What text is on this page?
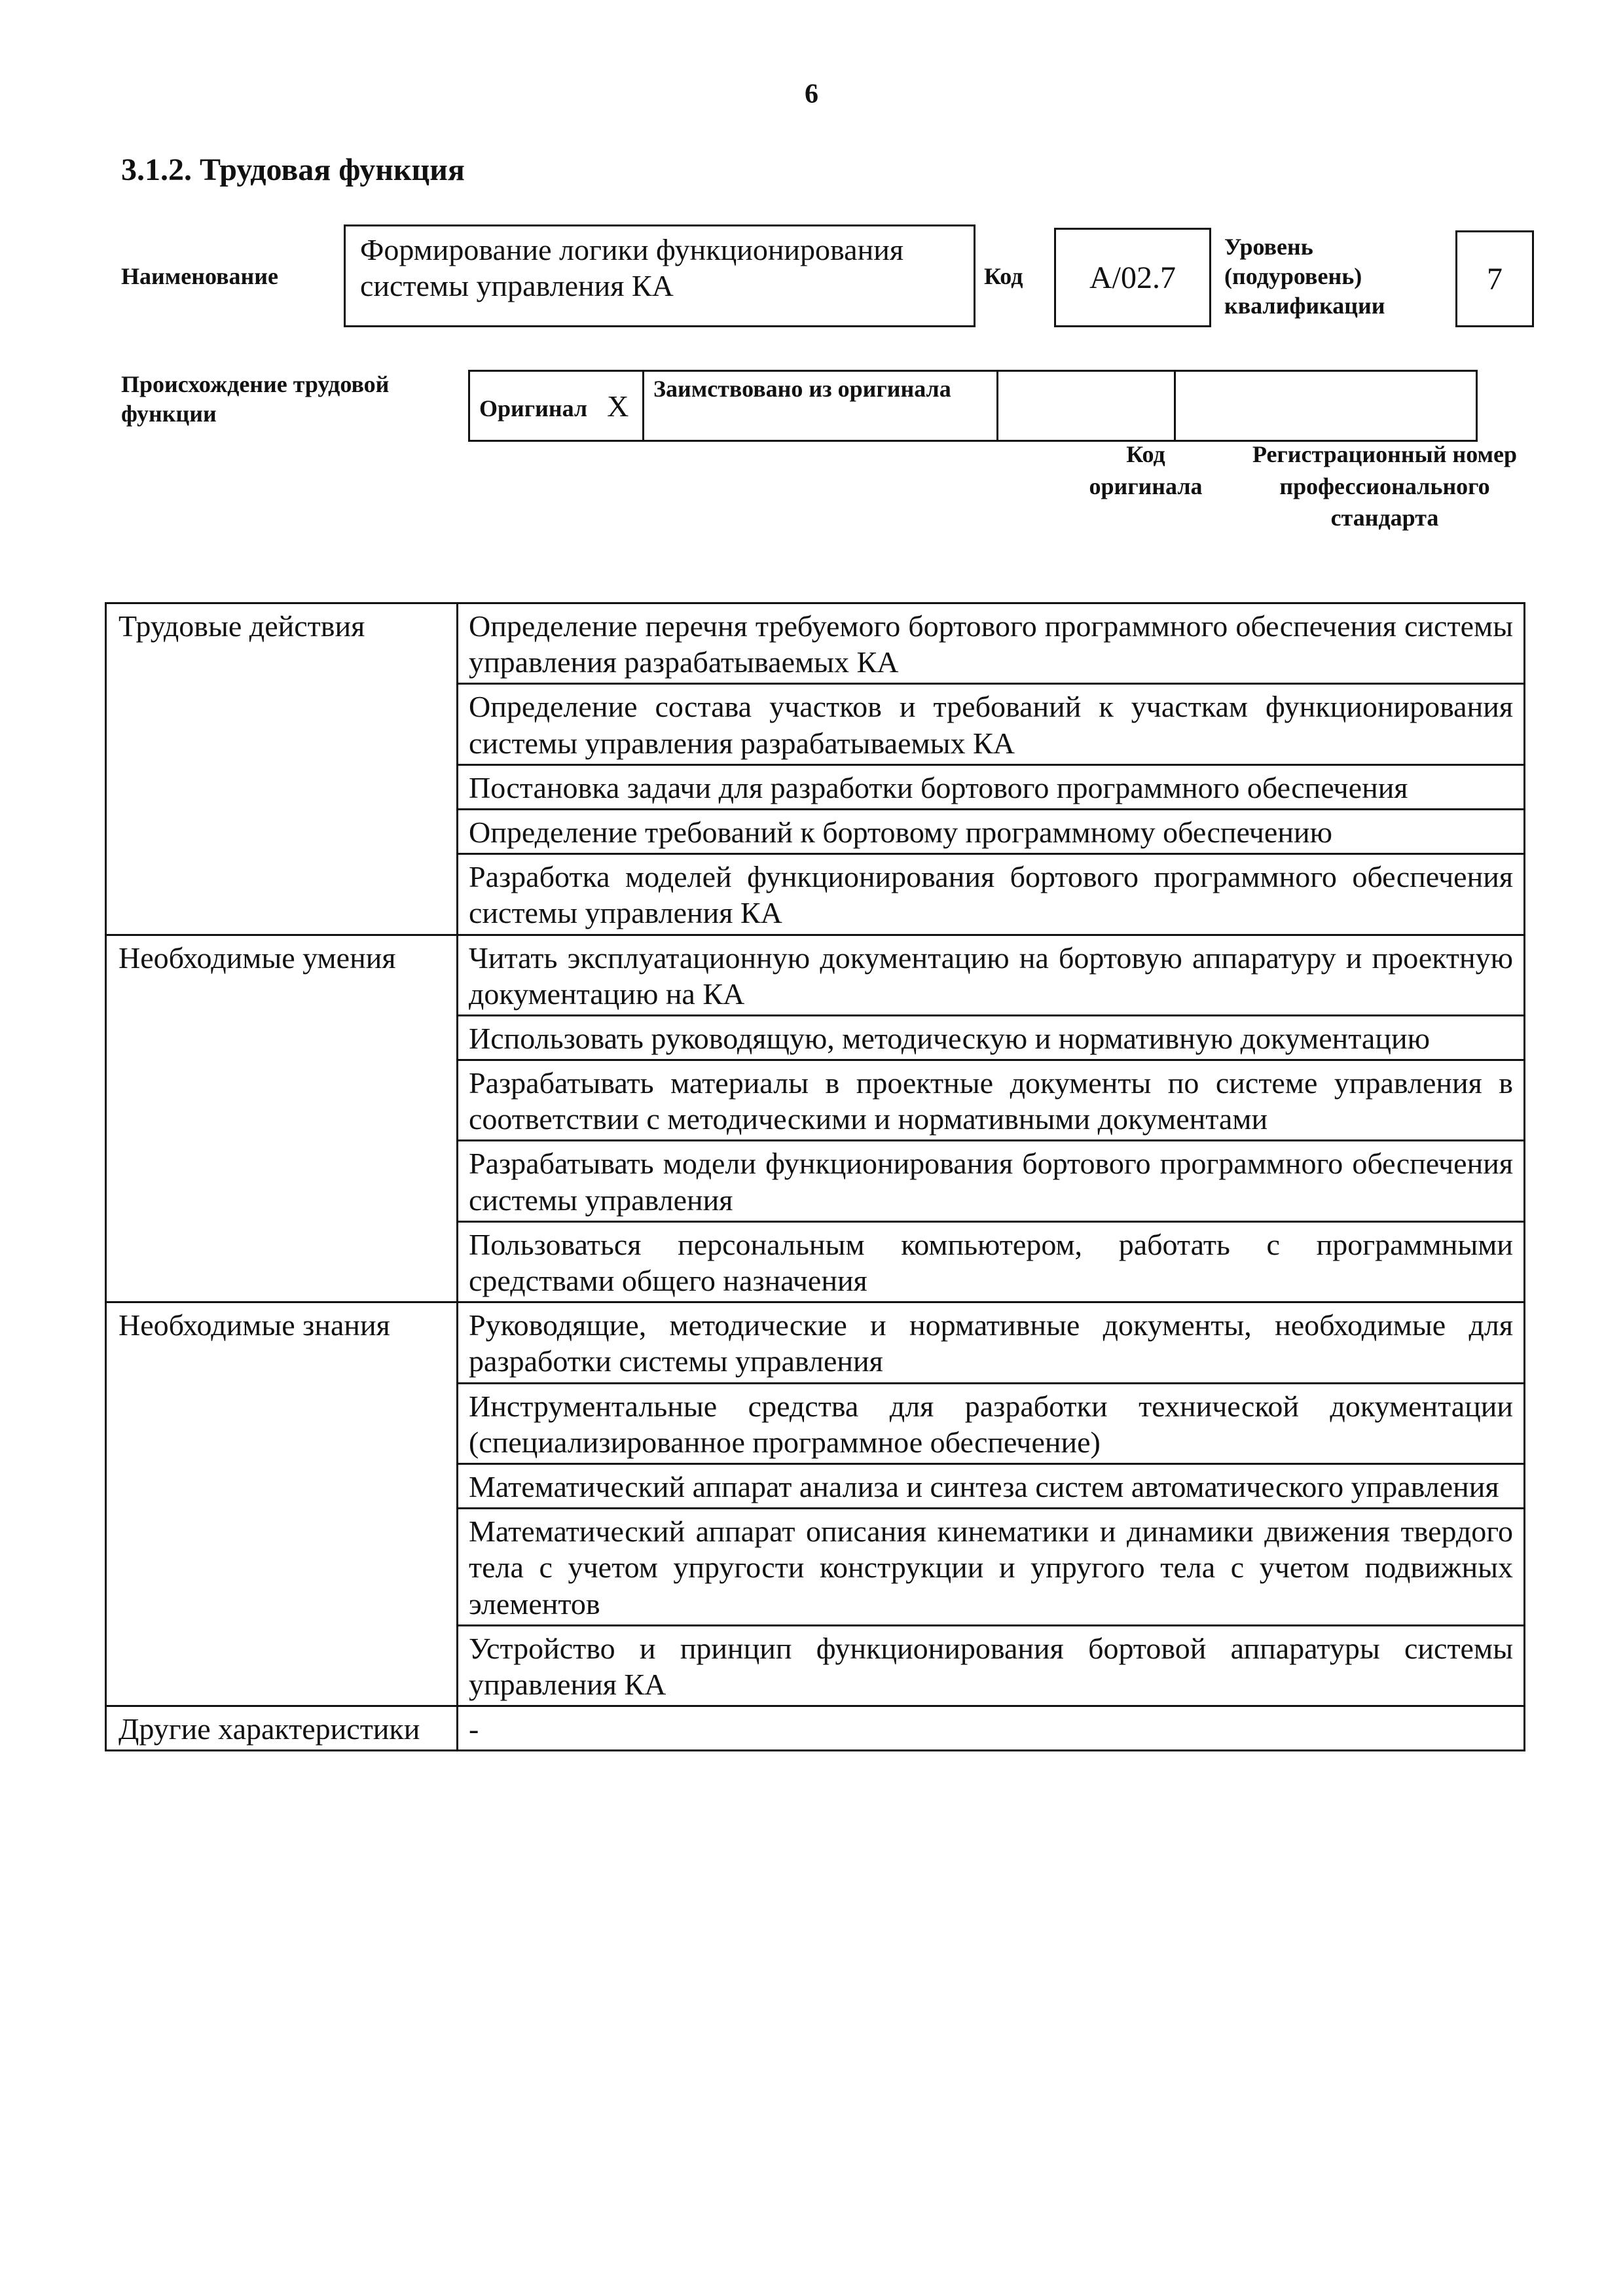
6
3.1.2. Трудовая функция
Наименование
Формирование логики функционирования системы управления КА	Код А/02.7
Уровень (подуровень) квалификации
7
Происхождение трудовой функции	Оригинал X	Заимствовано из оригинала		
Код оригинала
Регистрационный номер профессионального стандарта
Трудовые действия	Определение перечня требуемого бортового программного обеспечения системы управления разрабатываемых КА
	Определение состава участков и требований к участкам функционирования системы управления разрабатываемых КА
	Постановка задачи для разработки бортового программного обеспечения
	Определение требований к бортовому программному обеспечению
	Разработка моделей функционирования бортового программного обеспечения системы управления КА
Необходимые умения	Читать эксплуатационную документацию на бортовую аппаратуру и проектную документацию на КА
	Использовать руководящую, методическую и нормативную документацию
	Разрабатывать материалы в проектные документы по системе управления в соответствии с методическими и нормативными документами
	Разрабатывать модели функционирования бортового программного обеспечения системы управления
	Пользоваться персональным компьютером, работать с программными средствами общего назначения
Необходимые знания	Руководящие, методические и нормативные документы, необходимые для разработки системы управления
	Инструментальные средства для разработки технической документации (специализированное программное обеспечение)
	Математический аппарат анализа и синтеза систем автоматического управления
	Математический аппарат описания кинематики и динамики движения твердого тела с учетом упругости конструкции и упругого тела с учетом подвижных элементов
	Устройство и принцип функционирования бортовой аппаратуры системы управления КА
Другие характеристики	-
